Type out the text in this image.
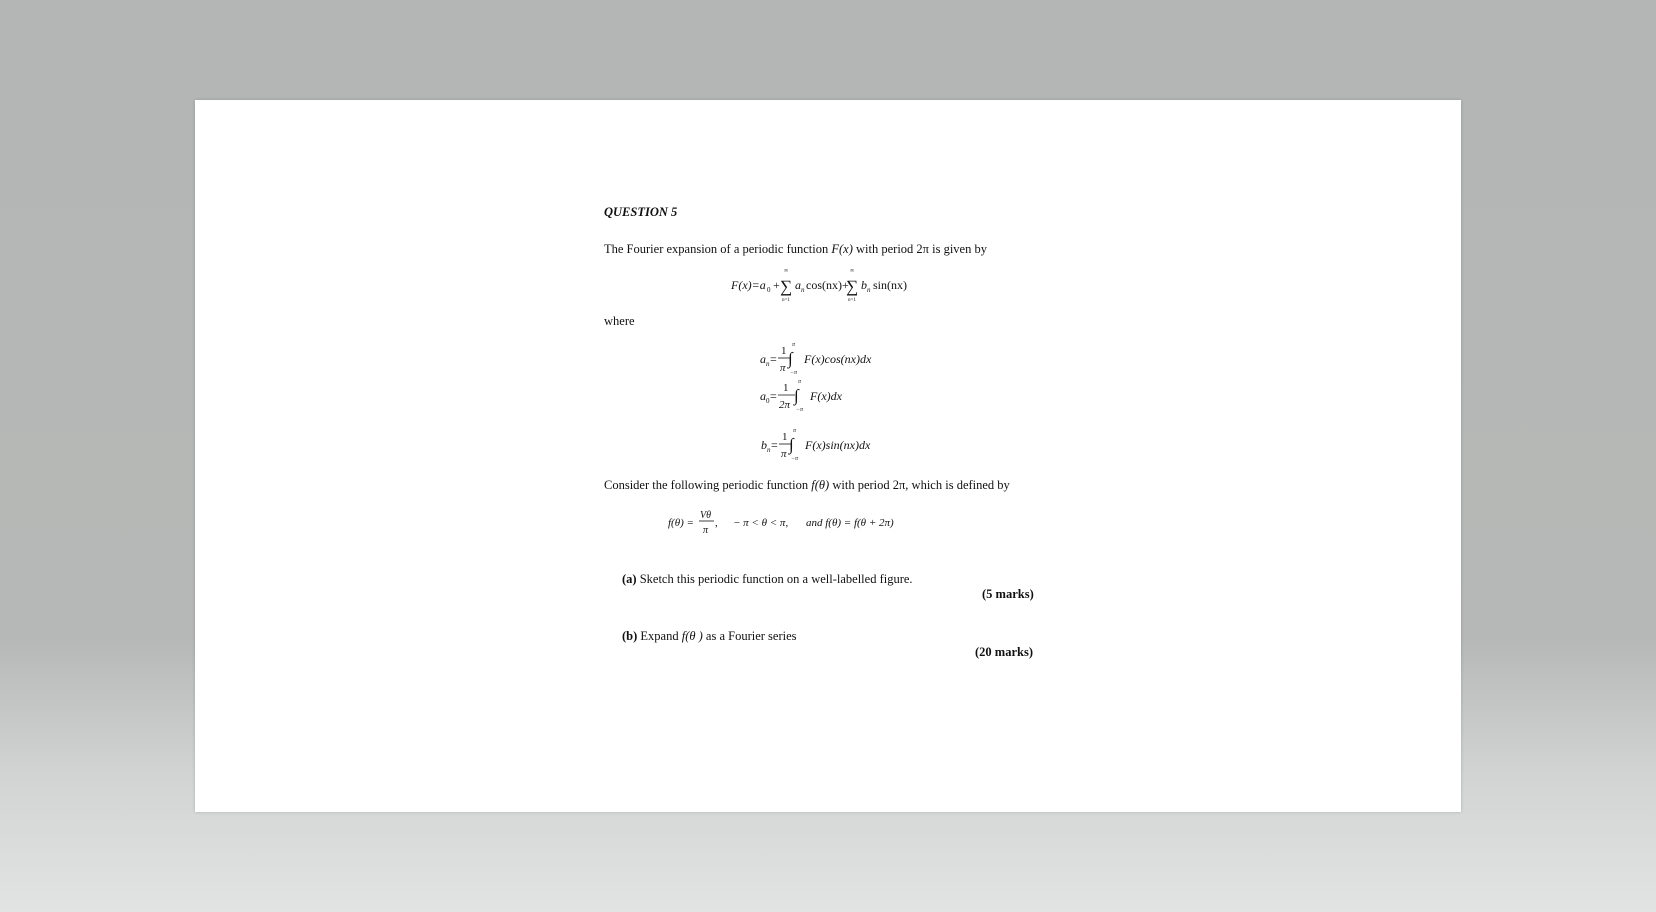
QUESTION 5
The Fourier expansion of a periodic function F(x) with period 2π is given by
F(x)=a 0 +
∞
∑
n=1
a n cos(nx)+
∞
∑
n=1
b n sin(nx)
where
a n =
1
π
π
∫
−π
F(x)cos(nx)dx
a 0 =
1
2π
π
∫
−π
F(x)dx
b n =
1
π
π
∫
−π
F(x)sin(nx)dx
Consider the following periodic function f(θ) with period 2π, which is defined by
f(θ) =
Vθ
π
, − π < θ < π, and f(θ) = f(θ + 2π)
(a) Sketch this periodic function on a well-labelled figure.
(5 marks)
(b) Expand f(θ ) as a Fourier series
(20 marks)
